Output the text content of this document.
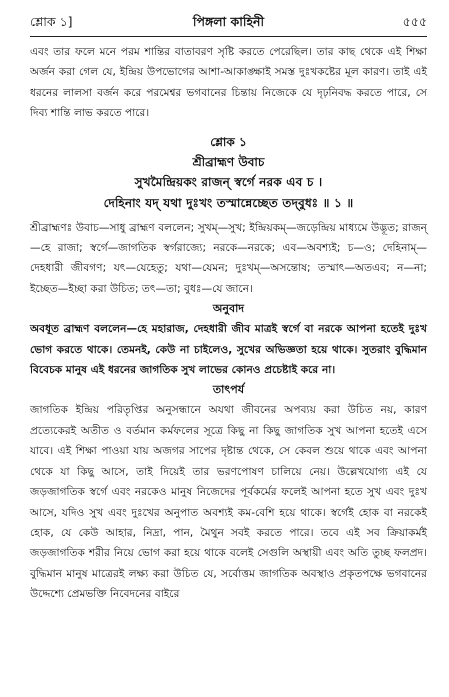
শ্লোক ১]	পিঙ্গলা কাহিনী	৫৫৫

এবং তার ফলে মনে পরম শান্তির বাতাবরণ সৃষ্টি করতে পেরেছিল। তার কাছ থেকে এই শিক্ষা অর্জন করা গেল যে, ইন্দ্রিয় উপভোগের আশা-আকাঙ্ক্ষাই সমস্ত দুঃখকষ্টের মূল কারণ। তাই এই ধরনের লালসা বর্জন করে পরমেশ্বর ভগবানের চিন্তায় নিজেকে যে দৃঢ়নিবদ্ধ করতে পারে, সে দিব্য শান্তি লাভ করতে পারে।

শ্লোক ১
শ্রীব্রাহ্মণ উবাচ
সুখমৈন্দ্রিয়কং রাজন্ স্বর্গে নরক এব চ ।
দেহিনাং যদ্ যথা দুঃখং তস্মান্নেচ্ছেত তদ্‌বুধঃ ॥ ১ ॥

শ্রীব্রাহ্মণঃ উবাচ—সাধু ব্রাহ্মণ বললেন; সুখম্—সুখ; ইন্দ্রিয়কম্—জড়েন্দ্রিয় মাধ্যমে উদ্ভূত; রাজন্—হে রাজা; স্বর্গে—জাগতিক স্বর্গরাজ্যে; নরকে—নরকে; এব—অবশ্যই; চ—ও; দেহিনাম্—দেহধারী জীবগণ; যৎ—যেহেতু; যথা—যেমন; দুঃখম্—অসন্তোষ; তস্মাৎ—অতএব; ন—না; ইচ্ছেত—ইচ্ছা করা উচিত; তৎ—তা; বুধঃ—যে জানে।

অনুবাদ

অবধূত ব্রাহ্মণ বললেন—হে মহারাজ, দেহধারী জীব মাত্রই স্বর্গে বা নরকে আপনা হতেই দুঃখ ভোগ করতে থাকে। তেমনই, কেউ না চাইলেও, সুখের অভিজ্ঞতা হয়ে থাকে। সুতরাং বুদ্ধিমান বিবেচক মানুষ এই ধরনের জাগতিক সুখ লাভের কোনও প্রচেষ্টাই করে না।

তাৎপর্য

জাগতিক ইন্দ্রিয় পরিতৃপ্তির অনুসন্ধানে অযথা জীবনের অপব্যয় করা উচিত নয়, কারণ প্রত্যেকেরই অতীত ও বর্তমান কর্মফলের সূত্রে কিছু না কিছু জাগতিক সুখ আপনা হতেই এসে যাবে। এই শিক্ষা পাওয়া যায় অজগর সাপের দৃষ্টান্ত থেকে, সে কেবল শুয়ে থাকে এবং আপনা থেকে যা কিছু আসে, তাই দিয়েই তার ভরণপোষণ চালিয়ে নেয়। উল্লেখযোগ্য এই যে জড়জাগতিক স্বর্গে এবং নরকেও মানুষ নিজেদের পূর্বকর্মের ফলেই আপনা হতে সুখ এবং দুঃখ আসে, যদিও সুখ এবং দুঃখের অনুপাত অবশ্যই কম-বেশি হয়ে থাকে। স্বর্গেই হোক বা নরকেই হোক, যে কেউ আহার, নিদ্রা, পান, মৈথুন সবই করতে পারে। তবে এই সব ক্রিয়াকর্মই জড়জাগতিক শরীর নিয়ে ভোগ করা হয়ে থাকে বলেই সেগুলি অস্থায়ী এবং অতি তুচ্ছ ফলপ্রদ। বুদ্ধিমান মানুষ মাত্রেরই লক্ষ্য করা উচিত যে, সর্বোত্তম জাগতিক অবস্থাও প্রকৃতপক্ষে ভগবানের উদ্দেশ্যে প্রেমভক্তি নিবেদনের বাইরে
